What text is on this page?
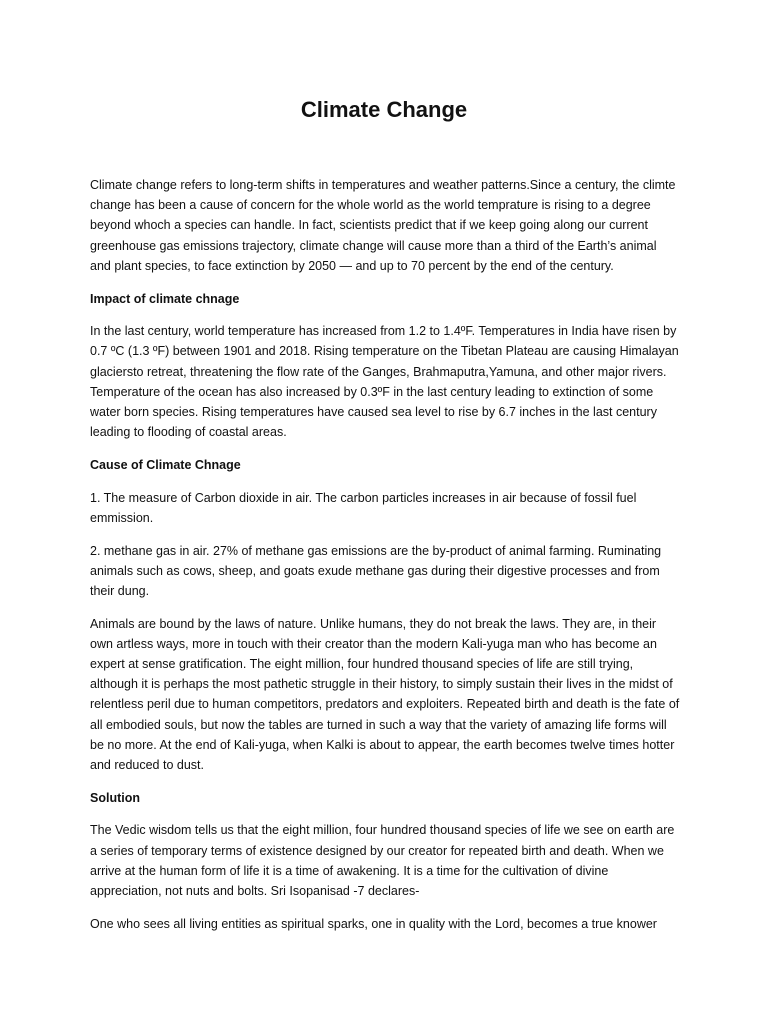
Climate Change

Climate change refers to long-term shifts in temperatures and weather patterns.Since a century, the climte change has been a cause of concern for the whole world as the world temprature is rising to a degree beyond whoch a species can handle. In fact, scientists predict that if we keep going along our current greenhouse gas emissions trajectory, climate change will cause more than a third of the Earth’s animal and plant species, to face extinction by 2050 — and up to 70 percent by the end of the century.

Impact of climate chnage

In the last century, world temperature has increased from 1.2 to 1.4ºF. Temperatures in India have risen by 0.7 ºC (1.3 ºF) between 1901 and 2018. Rising temperature on the Tibetan Plateau are causing Himalayan glaciersto retreat, threatening the flow rate of the Ganges, Brahmaputra,Yamuna, and other major rivers. Temperature of the ocean has also increased by 0.3ºF in the last century leading to extinction of some water born species. Rising temperatures have caused sea level to rise by 6.7 inches in the last century leading to flooding of coastal areas.

Cause of Climate Chnage

1. The measure of Carbon dioxide in air. The carbon particles increases in air because of fossil fuel emmission.

2. methane gas in air. 27% of methane gas emissions are the by-product of animal farming. Ruminating animals such as cows, sheep, and goats exude methane gas during their digestive processes and from their dung.

Animals are bound by the laws of nature. Unlike humans, they do not break the laws. They are, in their own artless ways, more in touch with their creator than the modern Kali-yuga man who has become an expert at sense gratification. The eight million, four hundred thousand species of life are still trying, although it is perhaps the most pathetic struggle in their history, to simply sustain their lives in the midst of relentless peril due to human competitors, predators and exploiters. Repeated birth and death is the fate of all embodied souls, but now the tables are turned in such a way that the variety of amazing life forms will be no more. At the end of Kali-yuga, when Kalki is about to appear, the earth becomes twelve times hotter and reduced to dust.

Solution

The Vedic wisdom tells us that the eight million, four hundred thousand species of life we see on earth are a series of temporary terms of existence designed by our creator for repeated birth and death. When we arrive at the human form of life it is a time of awakening. It is a time for the cultivation of divine appreciation, not nuts and bolts. Sri Isopanisad -7 declares-

One who sees all living entities as spiritual sparks, one in quality with the Lord, becomes a true knower
